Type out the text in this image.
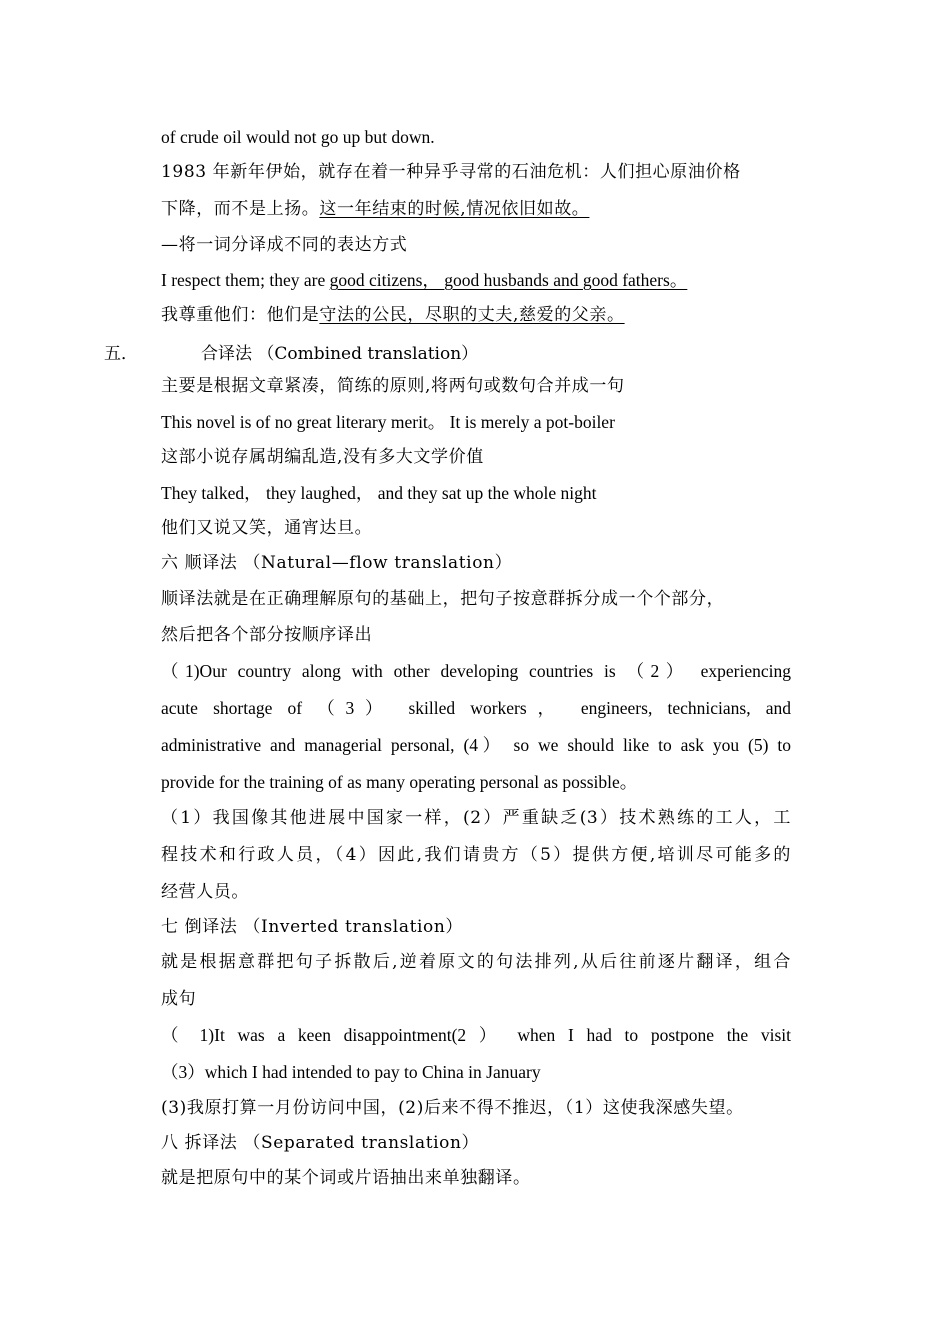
of crude oil would not go up but down.
1983 年新年伊始，就存在着一种异乎寻常的石油危机：人们担心原油价格
下降，而不是上扬。这一年结束的时候,情况依旧如故。
—将一词分译成不同的表达方式
I respect them; they are good citizens， good husbands and good fathers。
我尊重他们：他们是守法的公民，尽职的丈夫,慈爱的父亲。
五．	合译法 （Combined translation）
主要是根据文章紧凑，简练的原则,将两句或数句合并成一句
This novel is of no great literary merit。 It is merely a pot-boiler
这部小说存属胡编乱造,没有多大文学价值
They talked， they laughed， and they sat up the whole night
他们又说又笑，通宵达旦。
六 顺译法 （Natural—flow translation）
顺译法就是在正确理解原句的基础上，把句子按意群拆分成一个个部分，
然后把各个部分按顺序译出
（1)Our country along with other developing countries is （2） experiencing
acute shortage of （3） skilled workers， engineers, technicians, and
administrative and managerial personal, (4） so we should like to ask you (5) to
provide for the training of as many operating personal as possible。
（1）我国像其他进展中国家一样，(2）严重缺乏(3）技术熟练的工人，工
程技术和行政人员，（4）因此,我们请贵方（5）提供方便,培训尽可能多的
经营人员。
七 倒译法 （Inverted translation）
就是根据意群把句子拆散后,逆着原文的句法排列,从后往前逐片翻译，组合
成句
（ 1)It was a keen disappointment(2 ） when I had to postpone the visit
（3）which I had intended to pay to China in January
(3)我原打算一月份访问中国，(2)后来不得不推迟，（1）这使我深感失望。
八 拆译法 （Separated translation）
就是把原句中的某个词或片语抽出来单独翻译。
